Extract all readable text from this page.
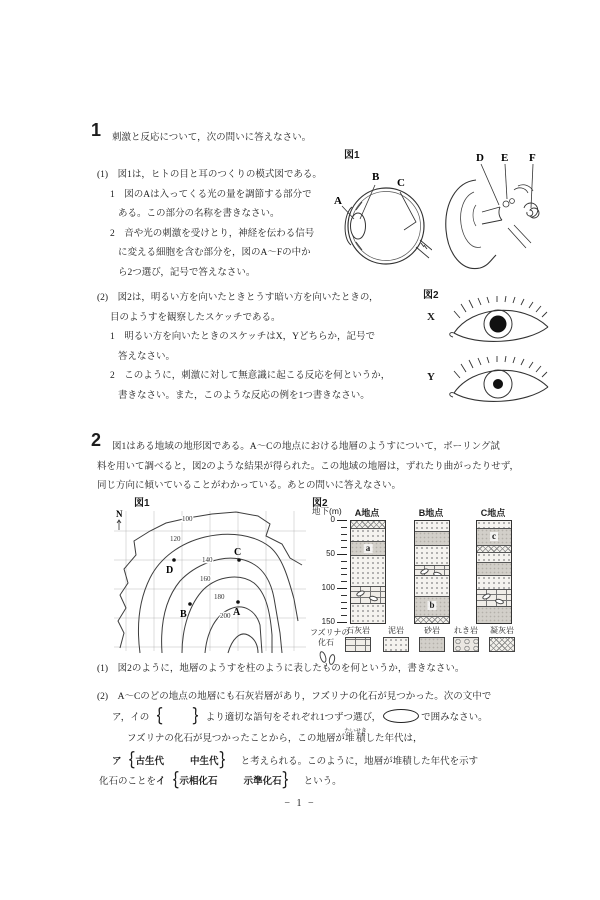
1 刺激と反応について，次の問いに答えなさい。
図1
A
B C
D E F
(1)　図1は，ヒトの目と耳のつくりの模式図である。
1　図のAは入ってくる光の量を調節する部分で
ある。この部分の名称を書きなさい。
2　音や光の刺激を受けとり，神経を伝わる信号
に変える細胞を含む部分を，図のA～Fの中か
ら2つ選び，記号で答えなさい。
(2)　図2は，明るい方を向いたときとうす暗い方を向いたときの，
目のようすを観察したスケッチである。
1　明るい方を向いたときのスケッチはX，Yどちらか，記号で
答えなさい。
2　このように，刺激に対して無意識に起こる反応を何というか，
書きなさい。また，このような反応の例を1つ書きなさい。
図2
X
Y
2	図1はある地域の地形図である。A～Cの地点における地層のようすについて，ボーリング試
料を用いて調べると，図2のような結果が得られた。この地域の地層は，ずれたり曲がったりせず，
同じ方向に傾いていることがわかっている。あとの問いに答えなさい。
図1
N	100
120
140
160
180
200
D
C
B	A
図2
地下(m)	A地点	B地点	C地点
フズリナの
化石
石灰岩	泥岩	砂岩	れき岩	凝灰岩
0
50
100
150
a
b
c
(1)　図2のように，地層のようすを柱のように表したものを何というか，書きなさい。
(2)　A～Cのどの地点の地層にも石灰岩層があり，フズリナの化石が見つかった。次の文中で
ア，イの｛　　　	｝より適切な語句をそれぞれ1つずつ選び，	で囲みなさい。
フズリナの化石が見つかったことから，この地層が堆積たいせきした年代は，
ア｛古生代	中生代｝ と考えられる。このように，地層が堆積した年代を示す
化石のことをイ｛示相化石	示準化石｝ という。
− 1 −
